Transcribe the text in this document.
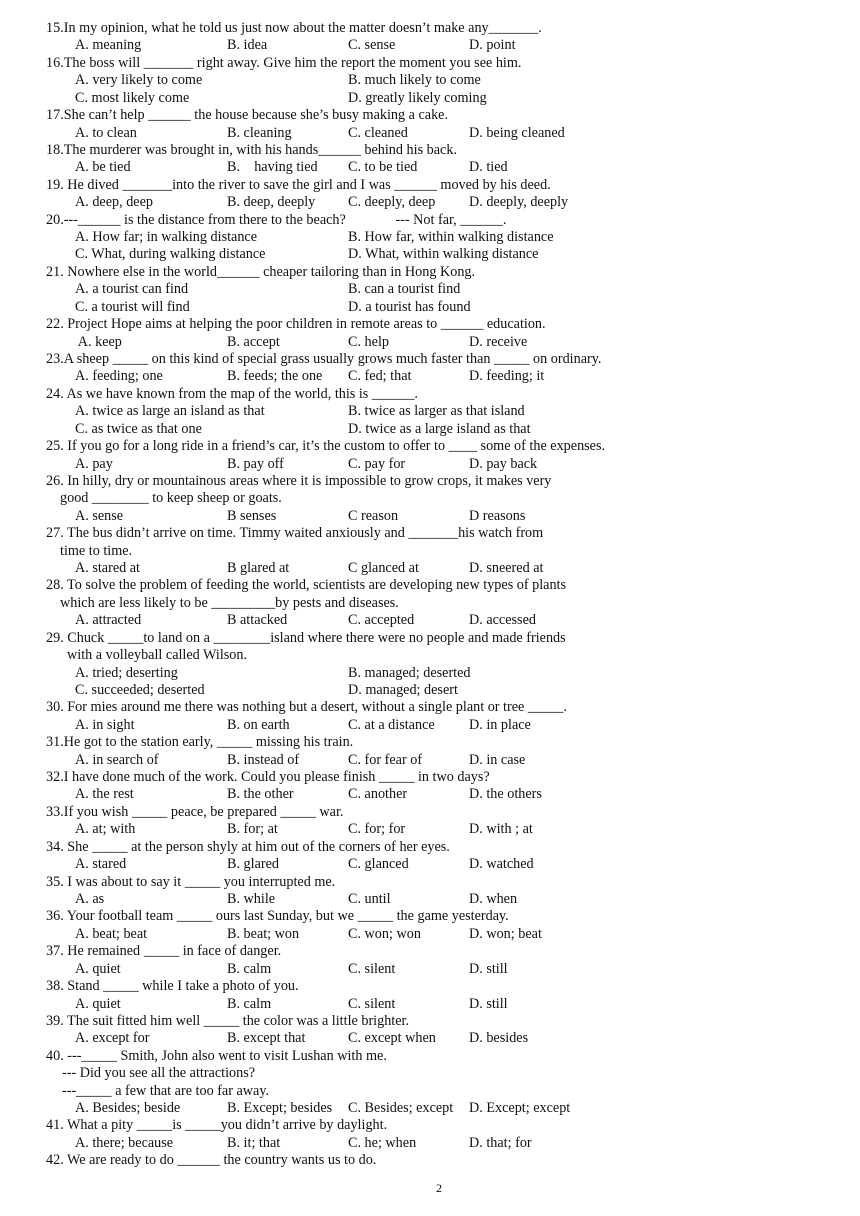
15.In my opinion, what he told us just now about the matter doesn’t make any_______.
A. meaning	B. idea	C. sense	D. point
16.The boss will _______ right away. Give him the report the moment you see him.
A. very likely to come	B. much likely to come
C. most likely come	D. greatly likely coming
17.She can’t help ______ the house because she’s busy making a cake.
A. to clean	B. cleaning	C. cleaned	D. being cleaned
18.The murderer was brought in, with his hands______ behind his back.
A. be tied	B.    having tied C. to be tied	D. tied
19. He dived _______into the river to save the girl and I was ______ moved by his deed.
A. deep, deep	B. deep, deeply C. deeply, deep D. deeply, deeply
20.---______ is the distance from there to the beach?              --- Not far, ______.
A. How far; in walking distance	B. How far, within walking distance
C. What, during walking distance	D. What, within walking distance
21. Nowhere else in the world______ cheaper tailoring than in Hong Kong.
A. a tourist can find	B. can a tourist find
C. a tourist will find	D. a tourist has found
22. Project Hope aims at helping the poor children in remote areas to ______ education.
A. keep	B. accept	C. help	D. receive
23.A sheep _____ on this kind of special grass usually grows much faster than _____ on ordinary.
A. feeding; one	B. feeds; the one C. fed; that	D. feeding; it
24. As we have known from the map of the world, this is ______.
A. twice as large an island as that	B. twice as larger as that island
C. as twice as that one	D. twice as a large island as that
25. If you go for a long ride in a friend’s car, it’s the custom to offer to ____ some of the expenses.
A. pay	B. pay off	C. pay for	D. pay back
26. In hilly, dry or mountainous areas where it is impossible to grow crops, it makes very
good ________ to keep sheep or goats.
A. sense	B senses	C reason	D reasons
27. The bus didn’t arrive on time. Timmy waited anxiously and _______his watch from
time to time.
A. stared at	B glared at	C glanced at	D. sneered at
28. To solve the problem of feeding the world, scientists are developing new types of plants
which are less likely to be _________by pests and diseases.
A. attracted	B attacked	C. accepted	D. accessed
29. Chuck _____to land on a ________island where there were no people and made friends
with a volleyball called Wilson.
A. tried; deserting	B. managed; deserted
C. succeeded; deserted	D. managed; desert
30. For mies around me there was nothing but a desert, without a single plant or tree _____.
A. in sight	B. on earth	C. at a distance D. in place
31.He got to the station early, _____ missing his train.
A. in search of	B. instead of	C. for fear of	D. in case
32.I have done much of the work. Could you please finish _____ in two days?
A. the rest	B. the other	C. another	D. the others
33.If you wish _____ peace, be prepared _____ war.
A. at; with	B. for; at	C. for; for	D. with ; at
34. She _____ at the person shyly at him out of the corners of her eyes.
A. stared	B. glared	C. glanced	D. watched
35. I was about to say it _____ you interrupted me.
A. as	B. while	C. until	D. when
36. Your football team _____ ours last Sunday, but we _____ the game yesterday.
A. beat; beat	B. beat; won	C. won; won	D. won; beat
37. He remained _____ in face of danger.
A. quiet	B. calm	C. silent	D. still
38. Stand _____ while I take a photo of you.
A. quiet	B. calm	C. silent	D. still
39. The suit fitted him well _____ the color was a little brighter.
A. except for	B. except that	C. except when D. besides
40. ---_____ Smith, John also went to visit Lushan with me.
--- Did you see all the attractions?
---_____ a few that are too far away.
A. Besides; beside	B. Except; besides C. Besides; except D. Except; except
41. What a pity _____is _____you didn’t arrive by daylight.
A. there; because	B. it; that	C. he; when	D. that; for
42. We are ready to do ______ the country wants us to do.
2
